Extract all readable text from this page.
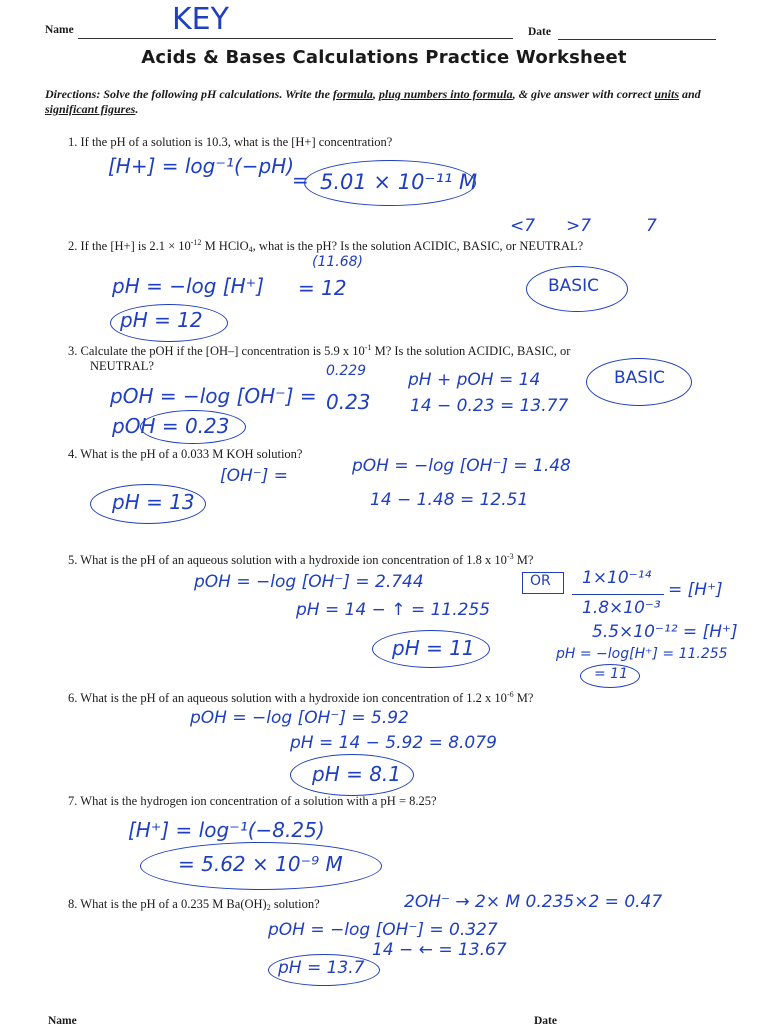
Name	KEY	Date
Acids & Bases Calculations Practice Worksheet
Directions: Solve the following pH calculations. Write the formula, plug numbers into formula, & give answer with correct units and significant figures.
1. If the pH of a solution is 10.3, what is the [H+] concentration?
[H+] = log⁻¹(−pH)
= 5.01 × 10⁻¹¹ M
<7 >7	7
2. If the [H+] is $2.1 \times 10^{-12}$ M HClO$_4$, what is the pH? Is the solution ACIDIC, BASIC, or NEUTRAL?
(11.68)
pH = −log [H⁺] = 12	BASIC
pH = 12
3. Calculate the pOH if the [OH–] concentration is 5.9 x $10^{-1}$ M? Is the solution ACIDIC, BASIC, or
NEUTRAL?	0.229 pH + pOH = 14	BASIC
pOH = −log [OH⁻] = 0.23 14 − 0.23 = 13.77
pOH = 0.23
4. What is the pH of a 0.033 M KOH solution?
[OH⁻] =	pOH = −log [OH⁻] = 1.48
14 − 1.48 = 12.51
pH = 13
5. What is the pH of an aqueous solution with a hydroxide ion concentration of 1.8 x $10^{-3}$ M?
pOH = −log [OH⁻] = 2.744
pH = 14 − ↑ = 11.255
pH = 11
OR 1×10⁻¹⁴
= [H⁺]
1.8×10⁻³
5.5×10⁻¹² = [H⁺]
pH = −log[H⁺] = 11.255
= 11
6. What is the pH of an aqueous solution with a hydroxide ion concentration of 1.2 x $10^{-6}$ M?
pOH = −log [OH⁻] = 5.92
pH = 14 − 5.92 = 8.079
pH = 8.1
7. What is the hydrogen ion concentration of a solution with a pH = 8.25?
[H⁺] = log⁻¹(−8.25)
= 5.62 × 10⁻⁹ M
8. What is the pH of a 0.235 M $Ba(OH)_2$ solution?	2OH⁻ → 2× M 0.235×2 = 0.47
pOH = −log [OH⁻] = 0.327
14 − ← = 13.67
pH = 13.7
Name	Date
